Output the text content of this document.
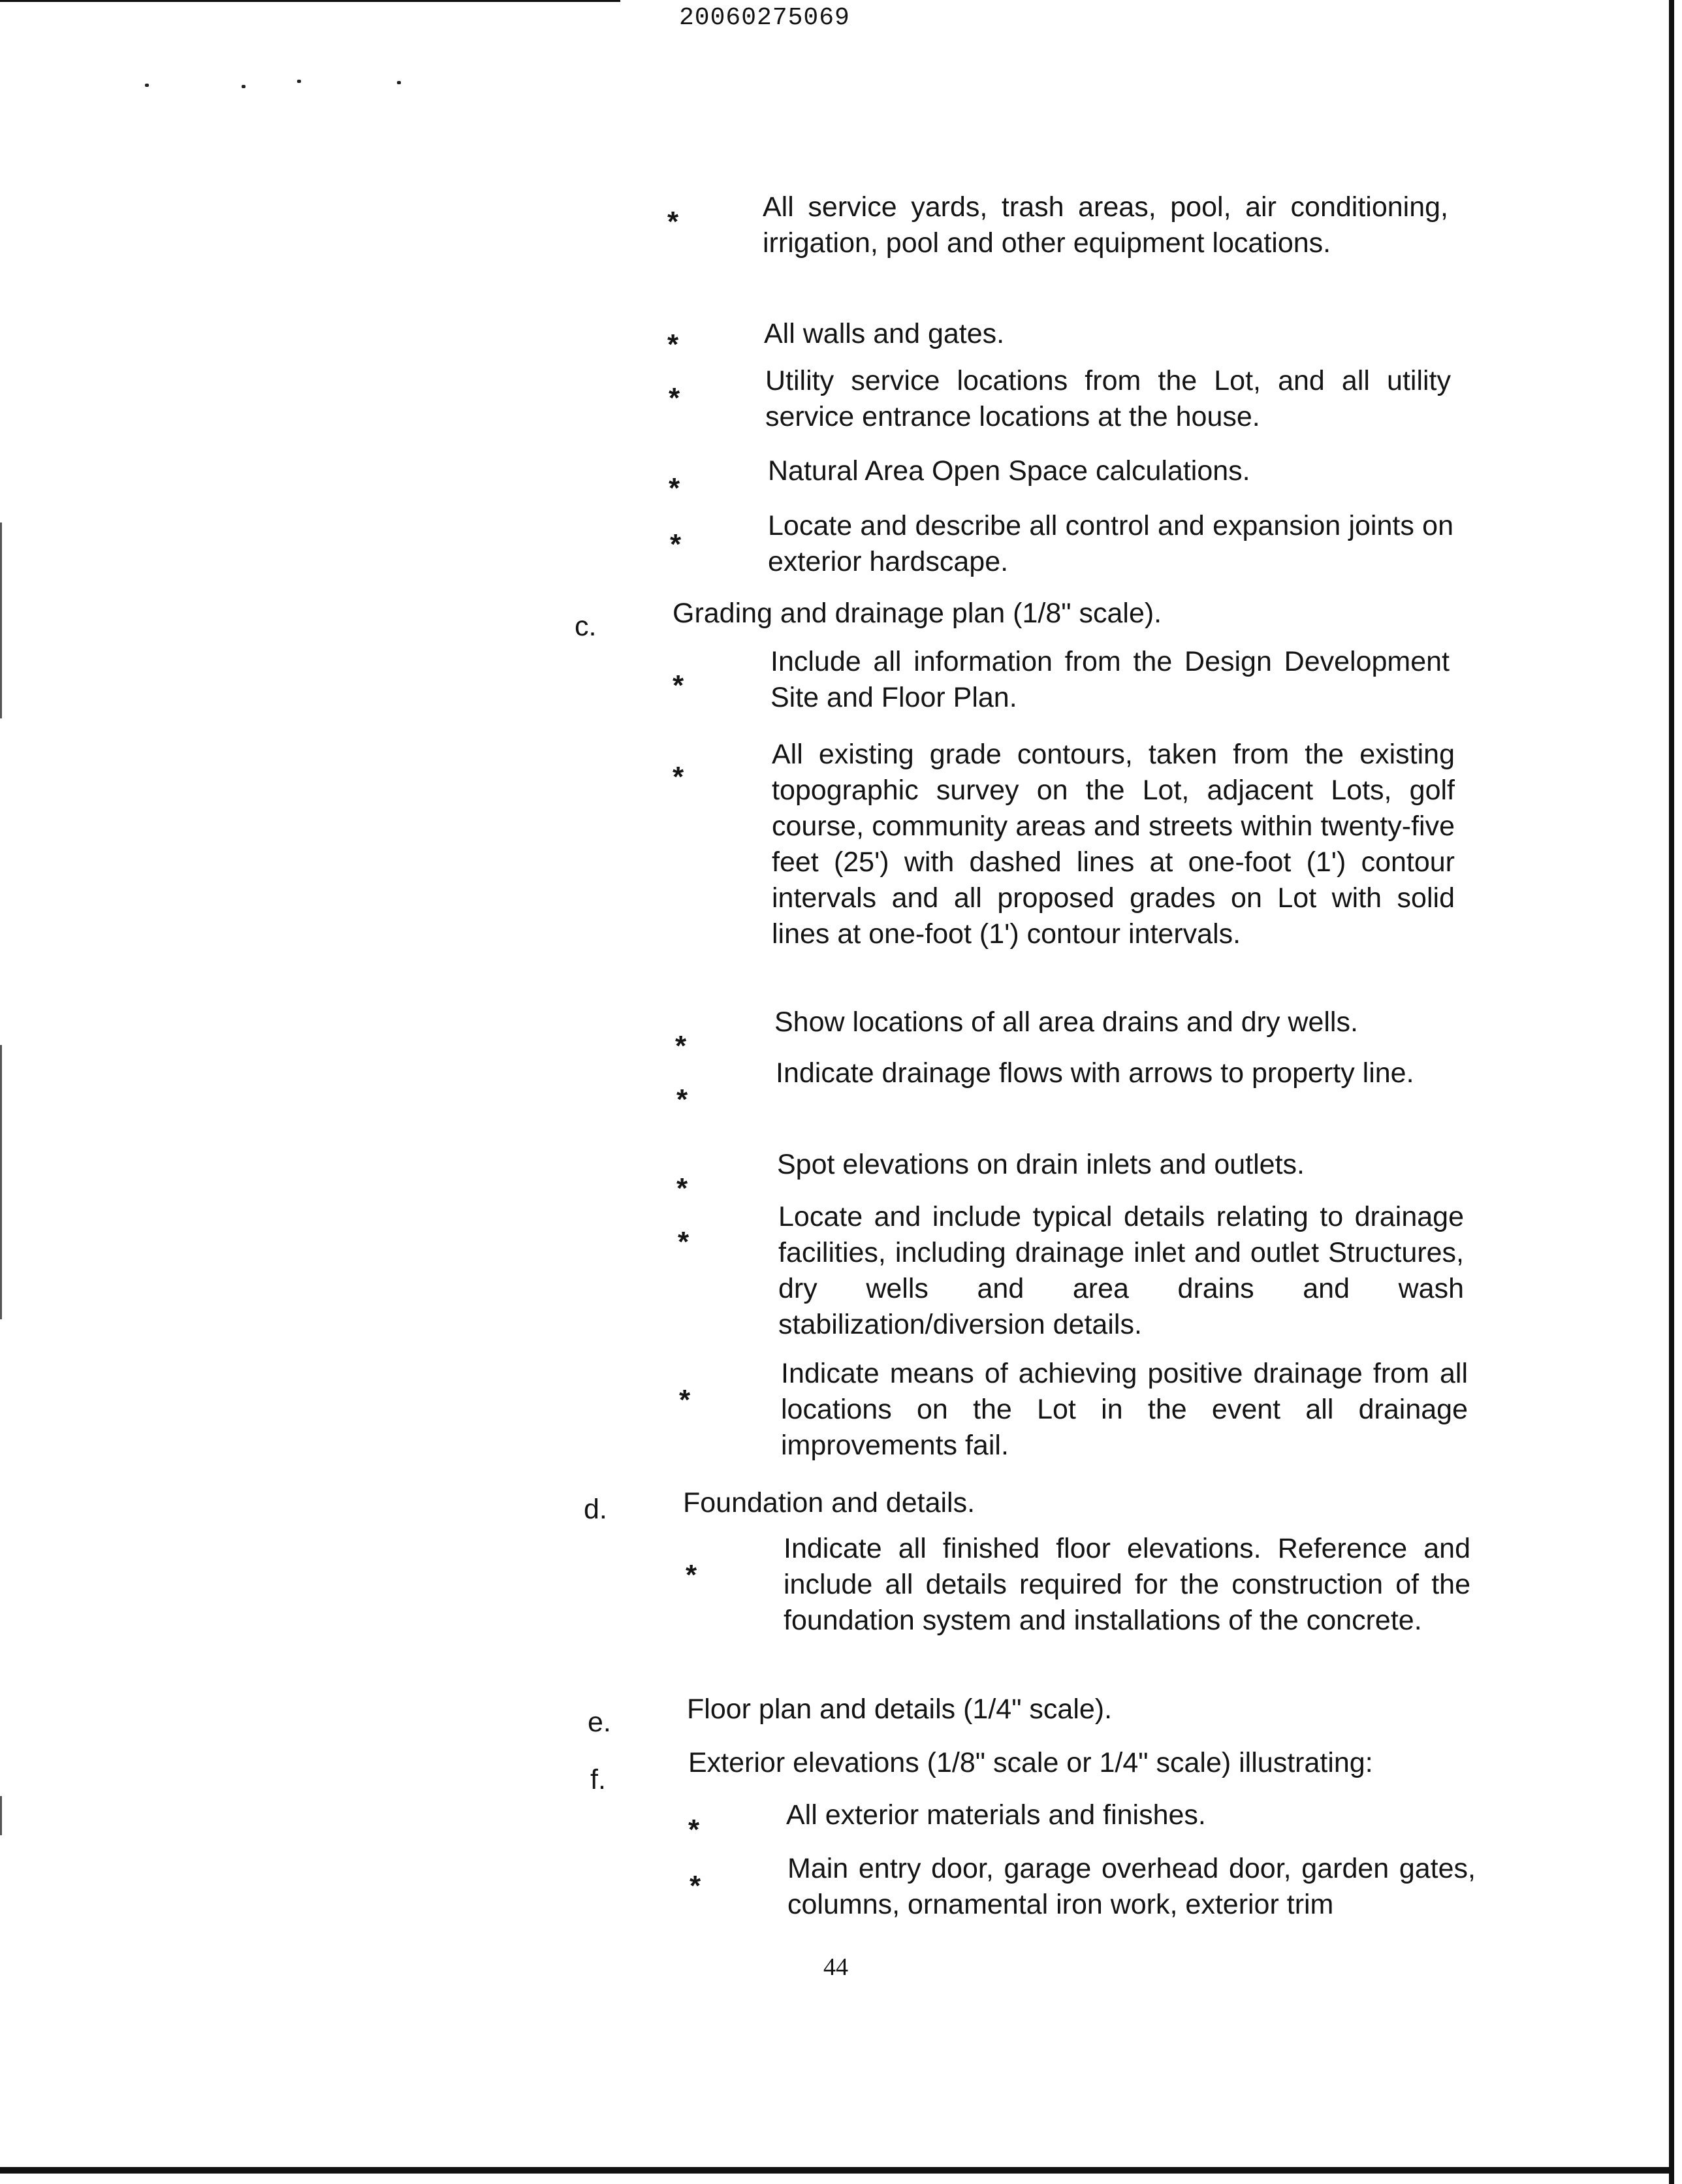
20060275069
*	All service yards, trash areas, pool, air conditioning, irrigation, pool and other equipment locations.
*	All walls and gates.
*
Utility service locations from the Lot, and all utility service entrance locations at the house.
*
Natural Area Open Space calculations.
*
Locate and describe all control and expansion joints on exterior hardscape.
c.	Grading and drainage plan (1/8" scale).
*
Include all information from the Design Development Site and Floor Plan.
*
All existing grade contours, taken from the existing topographic survey on the Lot, adjacent Lots, golf course, community areas and streets within twenty-five feet (25') with dashed lines at one-foot (1') contour intervals and all proposed grades on Lot with solid lines at one-foot (1') contour intervals.
*
Show locations of all area drains and dry wells.
*
Indicate drainage flows with arrows to property line.
*
Spot elevations on drain inlets and outlets.
*
Locate and include typical details relating to drainage facilities, including drainage inlet and outlet Structures, dry wells and area drains and wash stabilization/diversion details.
*
Indicate means of achieving positive drainage from all locations on the Lot in the event all drainage improvements fail.
d.	Foundation and details.
*
Indicate all finished floor elevations. Reference and include all details required for the construction of the foundation system and installations of the concrete.
e.	Floor plan and details (1/4" scale).
f.
Exterior elevations (1/8" scale or 1/4" scale) illustrating:
*	All exterior materials and finishes.
*
Main entry door, garage overhead door, garden gates, columns, ornamental iron work, exterior trim
44
